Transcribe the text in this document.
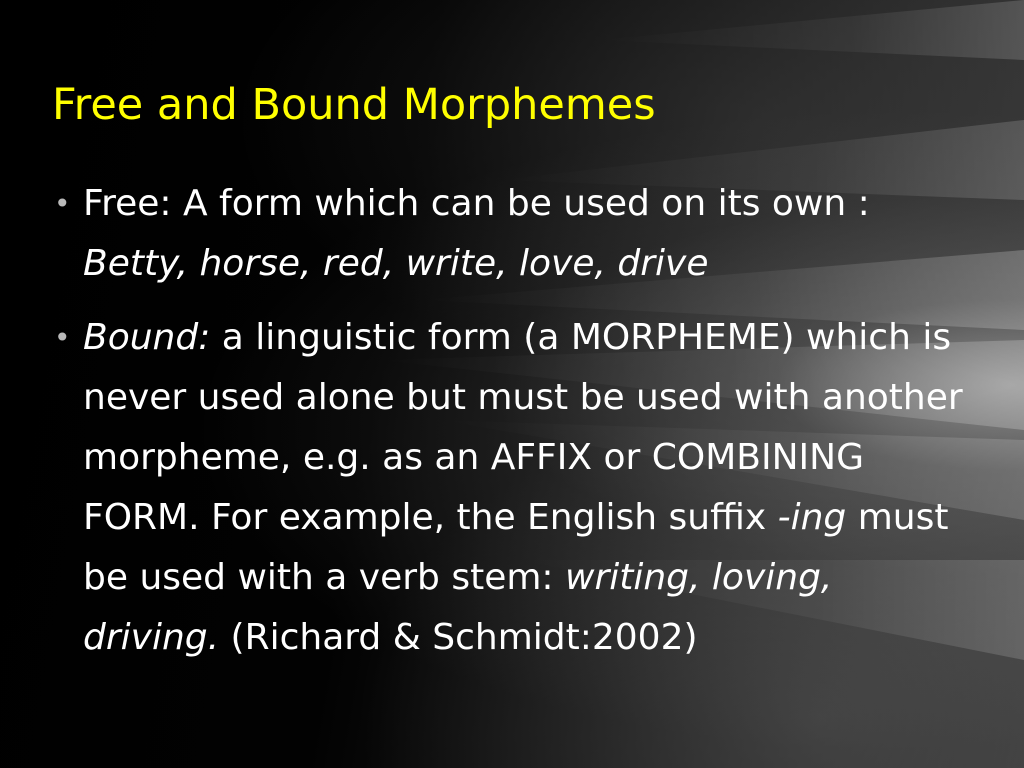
Free and Bound Morphemes
• Free: A form which can be used on its own : Betty, horse, red, write, love, drive
• Bound: a linguistic form (a MORPHEME) which is never used alone but must be used with another morpheme, e.g. as an AFFIX or COMBINING FORM. For example, the English suffix -ing must be used with a verb stem: writing, loving, driving. (Richard & Schmidt:2002)
